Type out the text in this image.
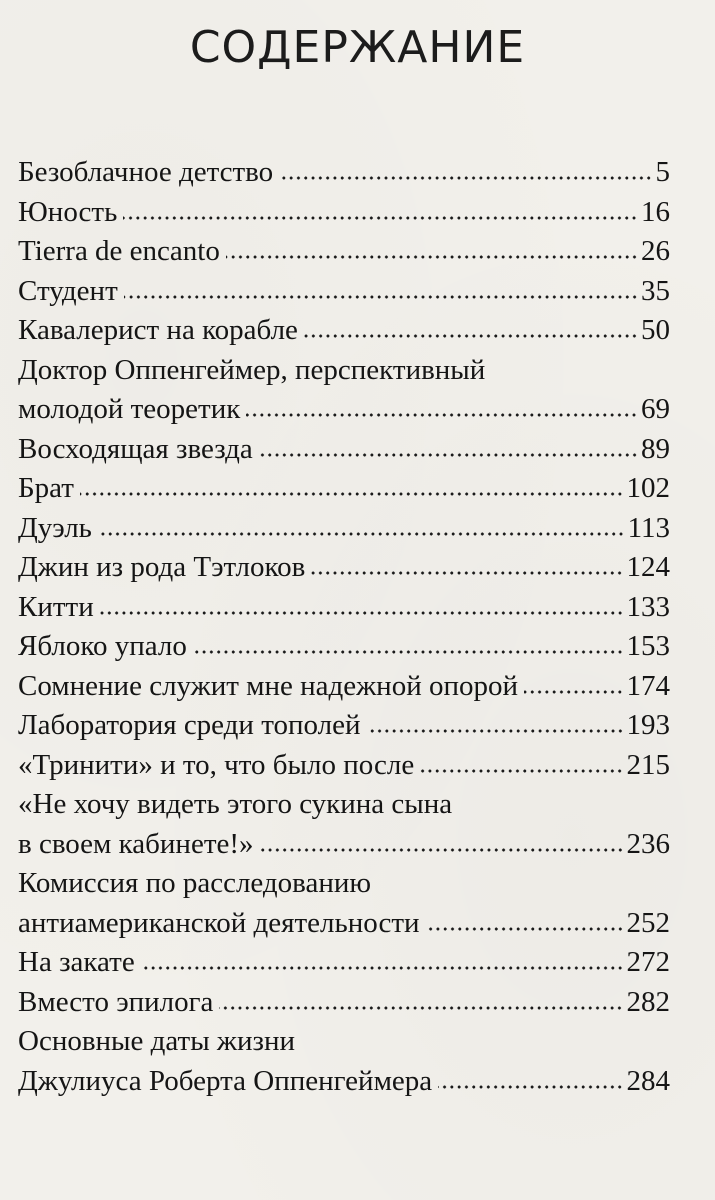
СОДЕРЖАНИЕ
Безоблачное детство	5
Юность	16
Tierra de encanto	26
Студент	35
Кавалерист на корабле	50
Доктор Оппенгеймер, перспективный
молодой теоретик	69
Восходящая звезда	89
Брат	102
Дуэль	113
Джин из рода Тэтлоков	124
Китти	133
Яблоко упало	153
Сомнение служит мне надежной опорой	174
Лаборатория среди тополей	193
«Тринити» и то, что было после	215
«Не хочу видеть этого сукина сына
в своем кабинете!»	236
Комиссия по расследованию
антиамериканской деятельности	252
На закате	272
Вместо эпилога	282
Основные даты жизни
Джулиуса Роберта Оппенгеймера	284
